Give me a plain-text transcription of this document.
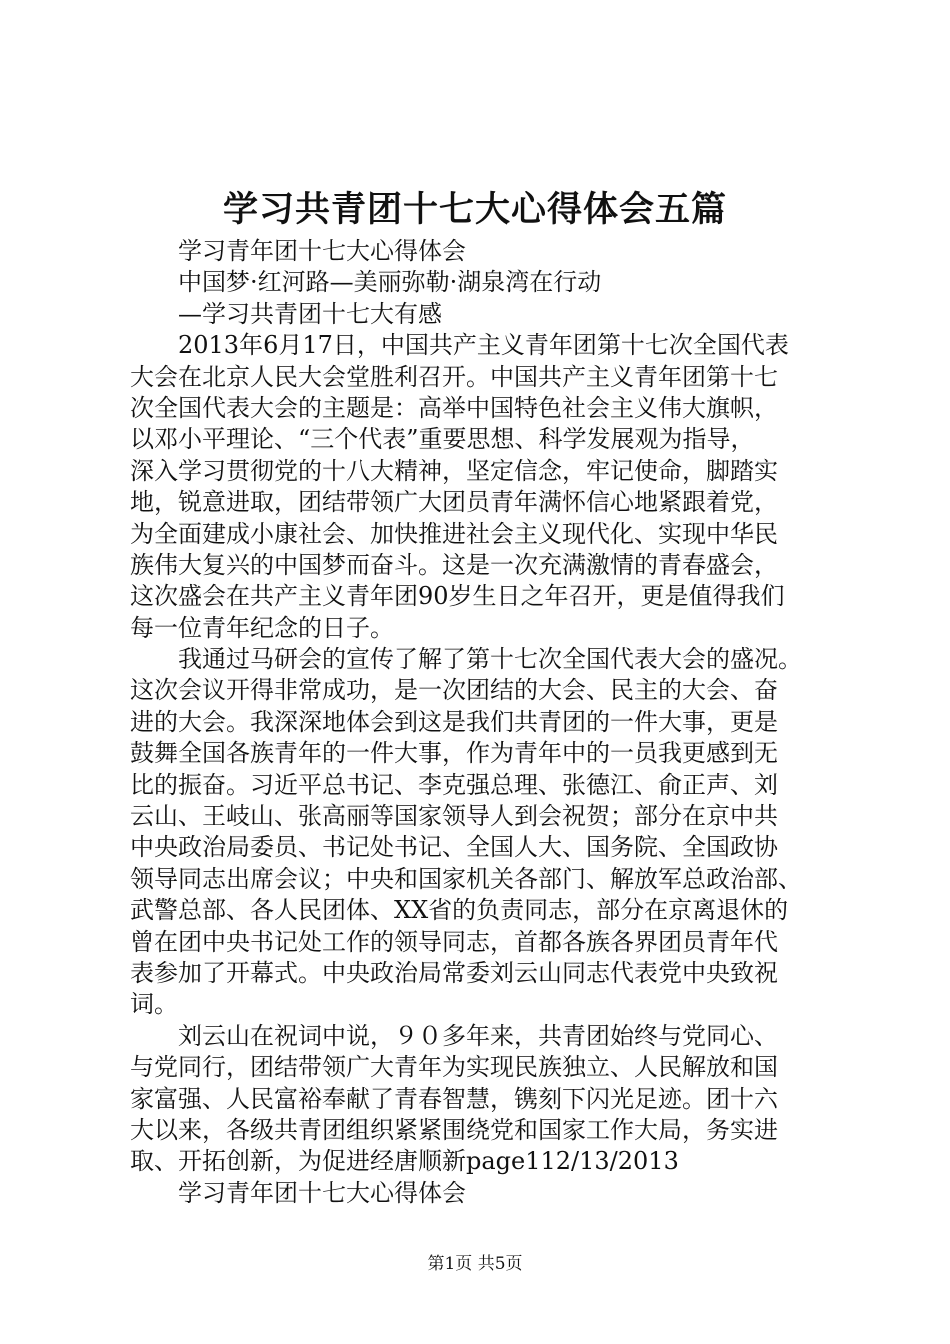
学习共青团十七大心得体会五篇
学习青年团十七大心得体会
中国梦·红河路—美丽弥勒·湖泉湾在行动
—学习共青团十七大有感
2013年6月17日，中国共产主义青年团第十七次全国代表
大会在北京人民大会堂胜利召开。中国共产主义青年团第十七
次全国代表大会的主题是：高举中国特色社会主义伟大旗帜，
以邓小平理论、“三个代表”重要思想、科学发展观为指导，
深入学习贯彻党的十八大精神，坚定信念，牢记使命，脚踏实
地，锐意进取，团结带领广大团员青年满怀信心地紧跟着党，
为全面建成小康社会、加快推进社会主义现代化、实现中华民
族伟大复兴的中国梦而奋斗。这是一次充满激情的青春盛会，
这次盛会在共产主义青年团90岁生日之年召开，更是值得我们
每一位青年纪念的日子。
我通过马研会的宣传了解了第十七次全国代表大会的盛况。
这次会议开得非常成功，是一次团结的大会、民主的大会、奋
进的大会。我深深地体会到这是我们共青团的一件大事，更是
鼓舞全国各族青年的一件大事，作为青年中的一员我更感到无
比的振奋。习近平总书记、李克强总理、张德江、俞正声、刘
云山、王岐山、张高丽等国家领导人到会祝贺；部分在京中共
中央政治局委员、书记处书记、全国人大、国务院、全国政协
领导同志出席会议；中央和国家机关各部门、解放军总政治部、
武警总部、各人民团体、XX省的负责同志，部分在京离退休的
曾在团中央书记处工作的领导同志，首都各族各界团员青年代
表参加了开幕式。中央政治局常委刘云山同志代表党中央致祝
词。
刘云山在祝词中说，９０多年来，共青团始终与党同心、
与党同行，团结带领广大青年为实现民族独立、人民解放和国
家富强、人民富裕奉献了青春智慧，镌刻下闪光足迹。团十六
大以来，各级共青团组织紧紧围绕党和国家工作大局，务实进
取、开拓创新，为促进经唐顺新page112/13/2013
学习青年团十七大心得体会
第1页 共5页
